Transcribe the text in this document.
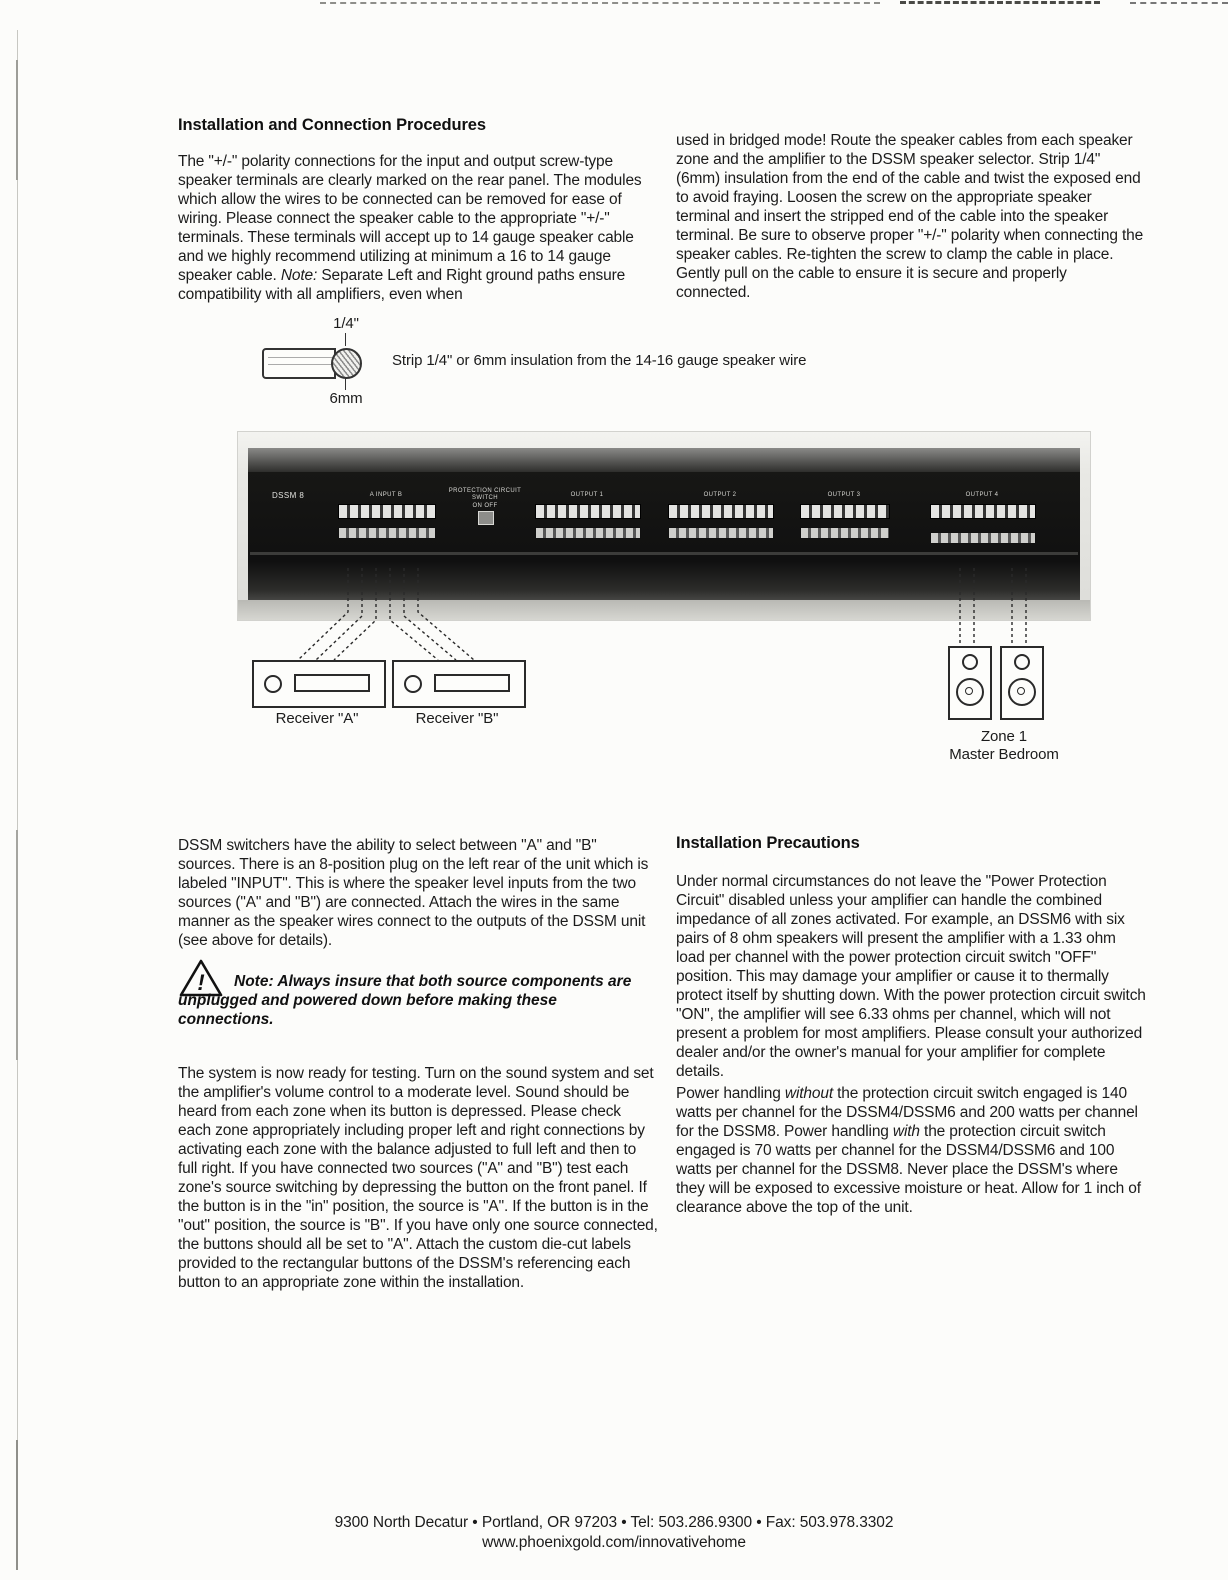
Installation and Connection Procedures
The "+/-" polarity connections for the input and output screw-type speaker terminals are clearly marked on the rear panel. The modules which allow the wires to be connected can be removed for ease of wiring. Please connect the speaker cable to the appropriate "+/-" terminals. These terminals will accept up to 14 gauge speaker cable and we highly recommend utilizing at minimum a 16 to 14 gauge speaker cable. Note: Separate Left and Right ground paths ensure compatibility with all amplifiers, even when
used in bridged mode! Route the speaker cables from each speaker zone and the amplifier to the DSSM speaker selector. Strip 1/4" (6mm) insulation from the end of the cable and twist the exposed end to avoid fraying. Loosen the screw on the appropriate speaker terminal and insert the stripped end of the cable into the speaker terminal. Be sure to observe proper "+/-" polarity when connecting the speaker cables. Re-tighten the screw to clamp the cable in place. Gently pull on the cable to ensure it is secure and properly connected.
1/4"
6mm
Strip 1/4" or 6mm insulation from the 14-16 gauge speaker wire
DSSM 8	A INPUT B
PROTECTION CIRCUIT SWITCH
ON OFF
OUTPUT 1	OUTPUT 2	OUTPUT 3	OUTPUT 4
Receiver "A"	Receiver "B"
Zone 1
Master Bedroom
DSSM switchers have the ability to select between "A" and "B" sources. There is an 8-position plug on the left rear of the unit which is labeled "INPUT". This is where the speaker level inputs from the two sources ("A" and "B") are connected. Attach the wires in the same manner as the speaker wires connect to the outputs of the DSSM unit (see above for details).
! Note: Always insure that both source components are unplugged and powered down before making these connections.
The system is now ready for testing. Turn on the sound system and set the amplifier's volume control to a moderate level. Sound should be heard from each zone when its button is depressed. Please check each zone appropriately including proper left and right connections by activating each zone with the balance adjusted to full left and then to full right. If you have connected two sources ("A" and "B") test each zone's source switching by depressing the button on the front panel. If the button is in the "in" position, the source is "A". If the button is in the "out" position, the source is "B". If you have only one source connected, the buttons should all be set to "A". Attach the custom die-cut labels provided to the rectangular buttons of the DSSM's referencing each button to an appropriate zone within the installation.
Installation Precautions
Under normal circumstances do not leave the "Power Protection Circuit" disabled unless your amplifier can handle the combined impedance of all zones activated. For example, an DSSM6 with six pairs of 8 ohm speakers will present the amplifier with a 1.33 ohm load per channel with the power protection circuit switch "OFF" position. This may damage your amplifier or cause it to thermally protect itself by shutting down. With the power protection circuit switch "ON", the amplifier will see 6.33 ohms per channel, which will not present a problem for most amplifiers. Please consult your authorized dealer and/or the owner's manual for your amplifier for complete details.
Power handling without the protection circuit switch engaged is 140 watts per channel for the DSSM4/DSSM6 and 200 watts per channel for the DSSM8. Power handling with the protection circuit switch engaged is 70 watts per channel for the DSSM4/DSSM6 and 100 watts per channel for the DSSM8. Never place the DSSM's where they will be exposed to excessive moisture or heat. Allow for 1 inch of clearance above the top of the unit.
9300 North Decatur • Portland, OR 97203 • Tel: 503.286.9300 • Fax: 503.978.3302
www.phoenixgold.com/innovativehome
